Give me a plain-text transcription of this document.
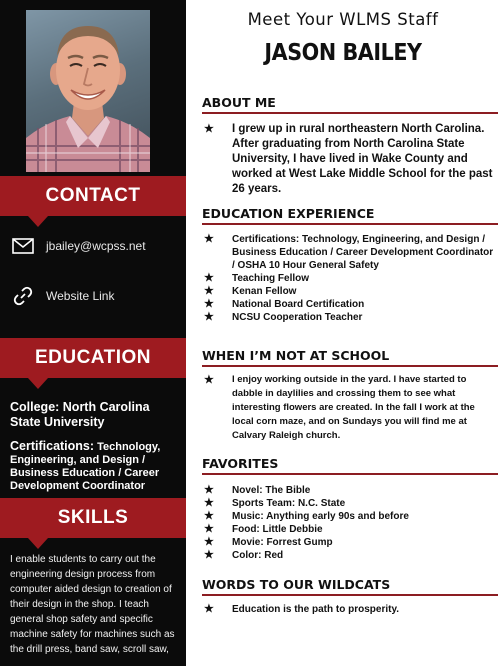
CONTACT
jbailey@wcpss.net
Website Link
EDUCATION
College: North Carolina State University
Certifications: Technology, Engineering, and Design / Business Education / Career Development Coordinator
SKILLS
I enable students to carry out the engineering design process from computer aided design to creation of their design in the shop. I teach general shop safety and specific machine safety for machines such as the drill press, band saw, scroll saw,
Meet Your WLMS Staff
JASON BAILEY
ABOUT ME
★ I grew up in rural northeastern North Carolina. After graduating from North Carolina State University, I have lived in Wake County and worked at West Lake Middle School for the past 26 years.
EDUCATION EXPERIENCE
★ Certifications: Technology, Engineering, and Design / Business Education / Career Development Coordinator / OSHA 10 Hour General Safety
★ Teaching Fellow
★ Kenan Fellow
★ National Board Certification
★ NCSU Cooperation Teacher
WHEN I’M NOT AT SCHOOL
★ I enjoy working outside in the yard. I have started to dabble in daylilies and crossing them to see what interesting flowers are created. In the fall I work at the local corn maze, and on Sundays you will find me at Calvary Raleigh church.
FAVORITES
★ Novel: The Bible
★ Sports Team: N.C. State
★ Music: Anything early 90s and before
★ Food: Little Debbie
★ Movie: Forrest Gump
★ Color: Red
WORDS TO OUR WILDCATS
★ Education is the path to prosperity.
